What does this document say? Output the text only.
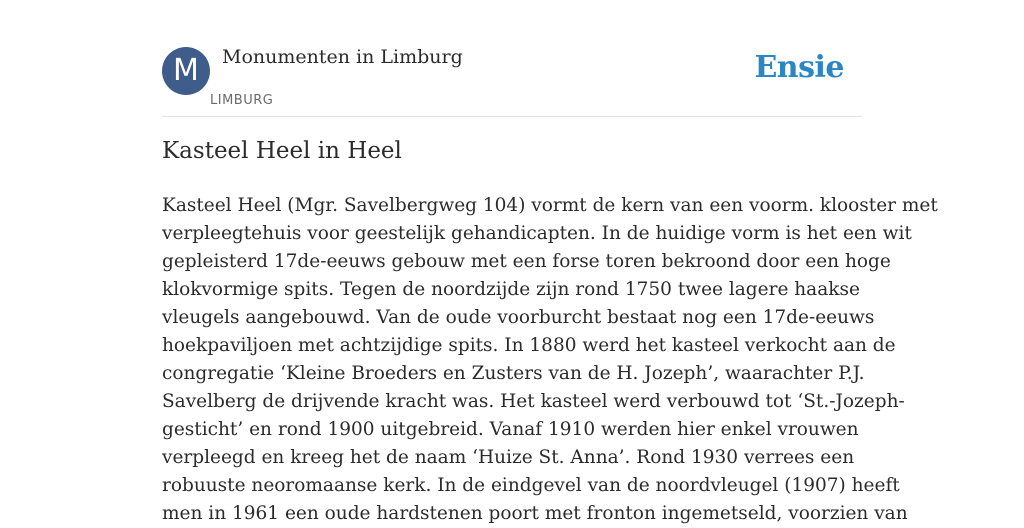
M	Monumenten in Limburg
LIMBURG
Ensie
Kasteel Heel in Heel
Kasteel Heel (Mgr. Savelbergweg 104) vormt de kern van een voorm. klooster met
verpleegtehuis voor geestelijk gehandicapten. In de huidige vorm is het een wit
gepleisterd 17de-eeuws gebouw met een forse toren bekroond door een hoge
klokvormige spits. Tegen de noordzijde zijn rond 1750 twee lagere haakse
vleugels aangebouwd. Van de oude voorburcht bestaat nog een 17de-eeuws
hoekpaviljoen met achtzijdige spits. In 1880 werd het kasteel verkocht aan de
congregatie ‘Kleine Broeders en Zusters van de H. Jozeph’, waarachter P.J.
Savelberg de drijvende kracht was. Het kasteel werd verbouwd tot ‘St.-Jozeph-
gesticht’ en rond 1900 uitgebreid. Vanaf 1910 werden hier enkel vrouwen
verpleegd en kreeg het de naam ‘Huize St. Anna’. Rond 1930 verrees een
robuuste neoromaanse kerk. In de eindgevel van de noordvleugel (1907) heeft
men in 1961 een oude hardstenen poort met fronton ingemetseld, voorzien van
